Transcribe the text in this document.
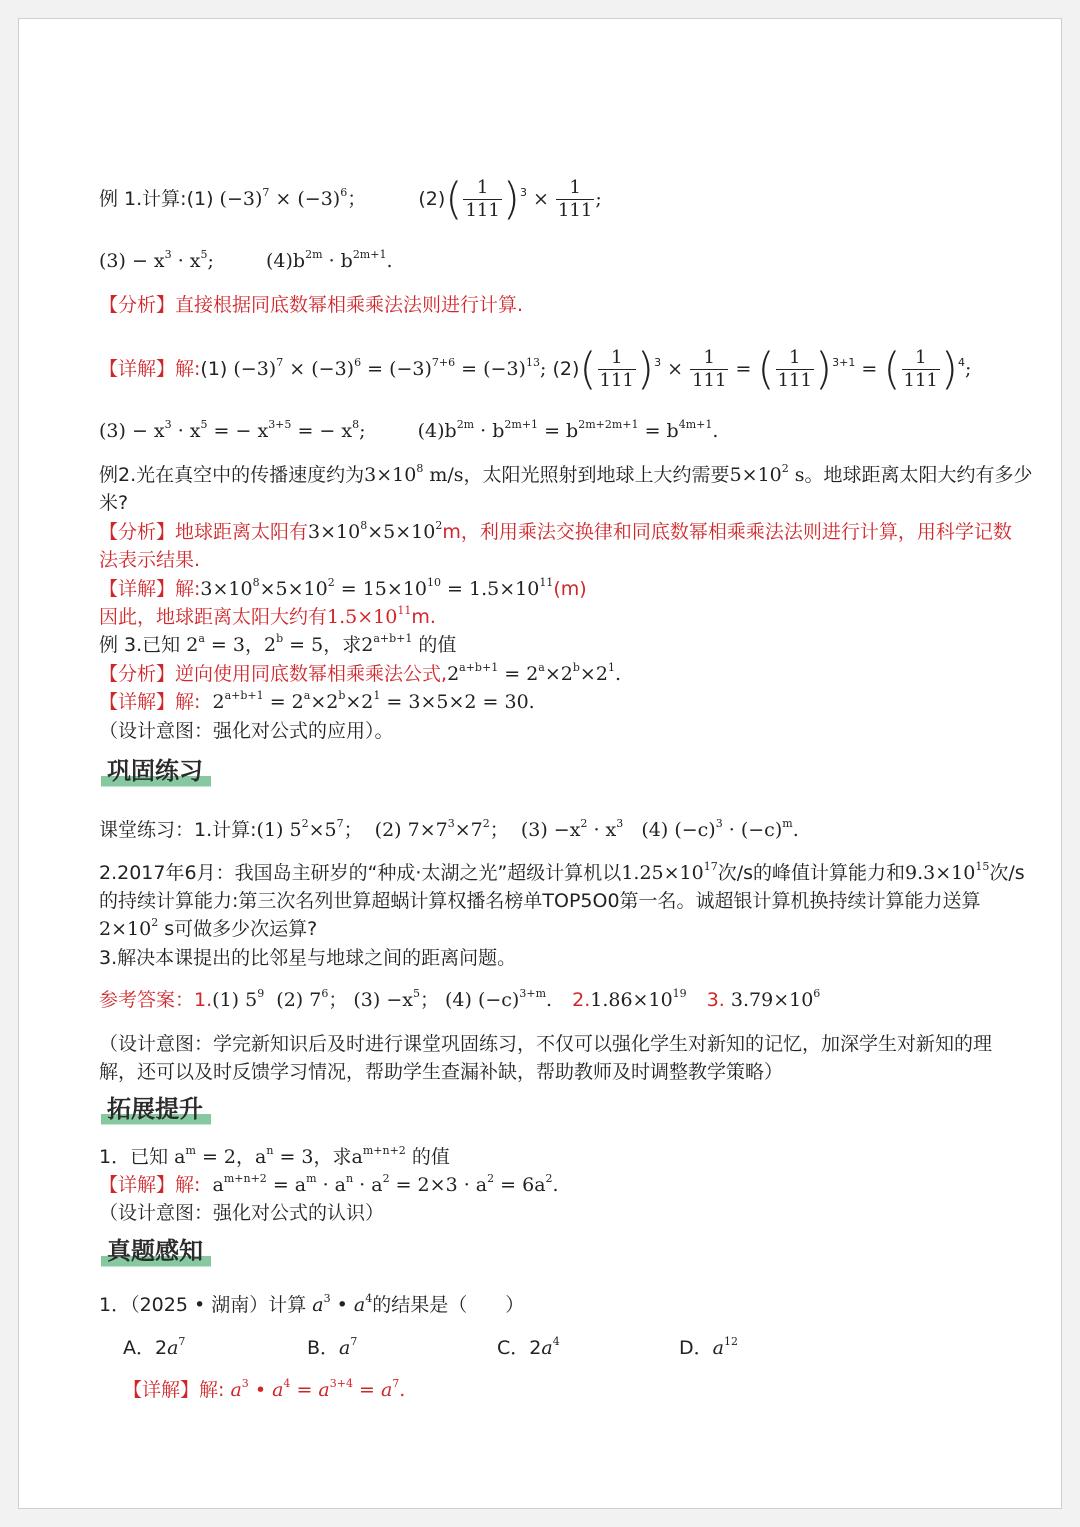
例 1.计算:(1) $(-3)^7 \times (-3)^6$；	$(2)( \frac{1}{111} )^3 \times \frac{1}{111}$ ;
$(3) - x^3 \cdot x^5$;	$(4)b^{2m} \cdot b^{2m+1}$.
【分析】直接根据同底数幂相乘乘法法则进行计算.
【详解】解:(1) $(-3)^7 \times (-3)^6 = (-3)^{7+6} = (-3)^{13}$; $(2)( \frac{1}{111} )^3 \times \frac{1}{111}$ = ( $\frac{1}{111} )^{3+1}$ = ( $\frac{1}{111} )^4$;
$(3) - x^3 \cdot x^5$ = − $x^{3+5}$ = − $x^8$;	$(4)b^{2m} \cdot b^{2m+1} = b^{2m+2m+1} = b^{4m+1}$.
例2.光在真空中的传播速度约为$3\times 10^8$ m/s，太阳光照射到地球上大约需要$5\times 10^2$ s。地球距离太阳大约有多少
米?
【分析】地球距离太阳有$3\times 10^8\times 5\times 10^2m$，利用乘法交换律和同底数幂相乘乘法法则进行计算，用科学记数
法表示结果.
【详解】解$:3\times 10^8\times 5\times 10^2 = 15\times 10^{10} = 1.5\times 10^{11}(m)$
因此，地球距离太阳大约有$1.5\times 10^{11}m$.
例 3.已知 $2^a = 3$，$2^b = 5$，求$2^{a+b+1}$ 的值
【分析】逆向使用同底数幂相乘乘法公式$,2^{a+b+1} = 2^a\times 2^b\times 2^1$.
【详解】解:  $2^{a+b+1} = 2^a\times 2^b\times 2^1 = 3\times 5\times 2 = 30$.
（设计意图：强化对公式的应用）。
巩固练习
课堂练习：1.计算:(1) $5^2\times 5^7$；  (2) $7\times 7^3\times 7^2$；  $(3) -x^2 \cdot x^3$   (4) $(-c)^3 \cdot (-c)^m$.
2.2017年6月：我国岛主研岁的“种成·太湖之光”超级计算机以$1.25\times 10^{17}$次/s的峰值计算能力和$9.3\times 10^{15}$次/s
的持续计算能力:第三次名列世算超蜗计算权播名榜单TOP5O0第一名。诚超银计算机换持续计算能力送算
$2\times 10^2$ s可做多少次运算?
3.解决本课提出的比邻星与地球之间的距离问题。
参考答案：1.(1) $5^9$  (2) $7^6$； $(3) -x^5$； (4) $(-c)^{3+m}$. $2.1.86\times 10^{19}$ 3. $3.79\times 10^6$
（设计意图：学完新知识后及时进行课堂巩固练习，不仅可以强化学生对新知的记忆，加深学生对新知的理
解，还可以及时反馈学习情况，帮助学生查漏补缺，帮助教师及时调整教学策略）
拓展提升
1．已知 $a^m = 2$，$a^n = 3$，求$a^{m+n+2}$ 的值
【详解】解:  $a^{m+n+2} = a^m \cdot a^n \cdot a^2 = 2\times 3 \cdot a^2 = 6a^2$.
（设计意图：强化对公式的认识）
真题感知
1．（2025 • 湖南）计算 $a^3$ • $a^4$的结果是（　　）
A．$2a^7$	B．$a^7$	C．$2a^4$	D．$a^{12}$
【详解】解: $a^3$ • $a^4 = a^{3+4} = a^7$.
